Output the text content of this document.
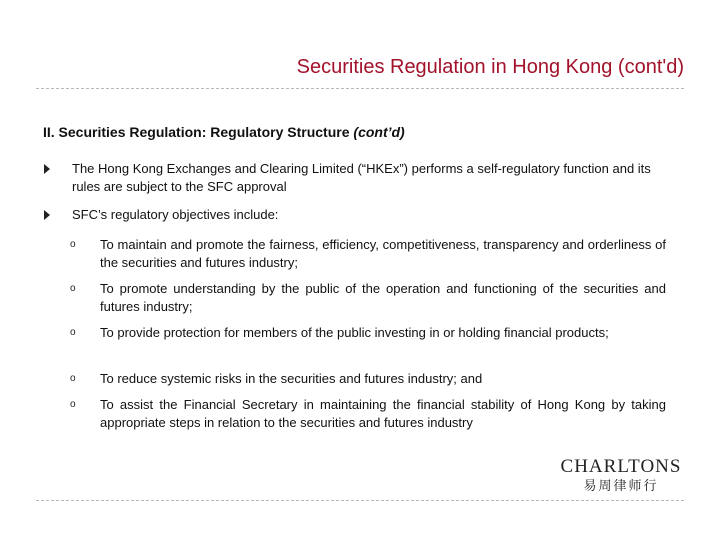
Securities Regulation in Hong Kong (cont'd)
II. Securities Regulation: Regulatory Structure (cont’d)
The Hong Kong Exchanges and Clearing Limited (“HKEx”) performs a self-regulatory function and its rules are subject to the SFC approval
SFC’s regulatory objectives include:
o To maintain and promote the fairness, efficiency, competitiveness, transparency and orderliness of the securities and futures industry;
o To promote understanding by the public of the operation and functioning of the securities and futures industry;
o To provide protection for members of the public investing in or holding financial products;
o To reduce systemic risks in the securities and futures industry; and
o To assist the Financial Secretary in maintaining the financial stability of Hong Kong by taking appropriate steps in relation to the securities and futures industry
CHARLTONS
易周律师行
